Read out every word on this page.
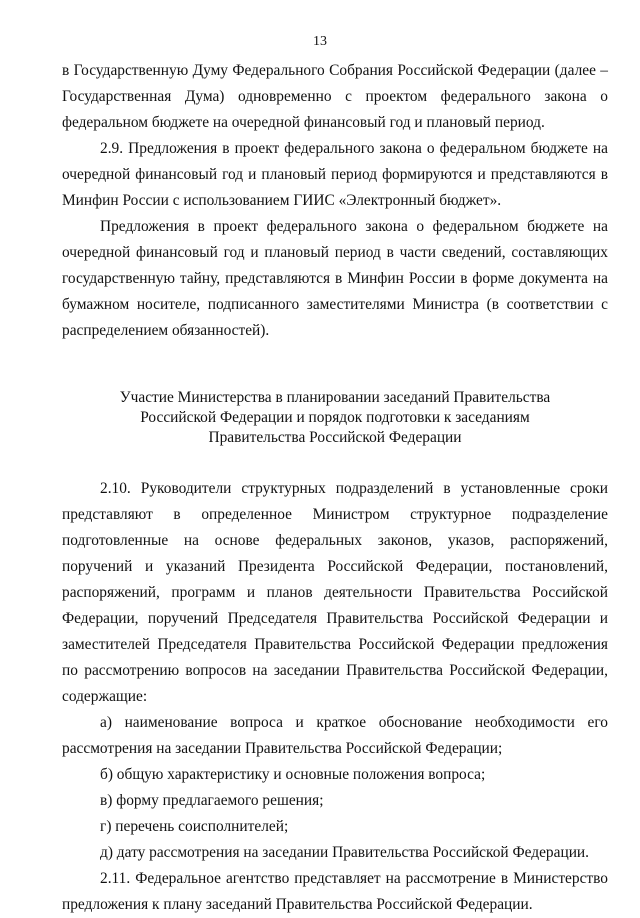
13

в Государственную Думу Федерального Собрания Российской Федерации (далее – Государственная Дума) одновременно с проектом федерального закона о федеральном бюджете на очередной финансовый год и плановый период.

2.9. Предложения в проект федерального закона о федеральном бюджете на очередной финансовый год и плановый период формируются и представляются в Минфин России с использованием ГИИС «Электронный бюджет».

Предложения в проект федерального закона о федеральном бюджете на очередной финансовый год и плановый период в части сведений, составляющих государственную тайну, представляются в Минфин России в форме документа на бумажном носителе, подписанного заместителями Министра (в соответствии с распределением обязанностей).

Участие Министерства в планировании заседаний Правительства
Российской Федерации и порядок подготовки к заседаниям
Правительства Российской Федерации

2.10. Руководители структурных подразделений в установленные сроки представляют в определенное Министром структурное подразделение подготовленные на основе федеральных законов, указов, распоряжений, поручений и указаний Президента Российской Федерации, постановлений, распоряжений, программ и планов деятельности Правительства Российской Федерации, поручений Председателя Правительства Российской Федерации и заместителей Председателя Правительства Российской Федерации предложения по рассмотрению вопросов на заседании Правительства Российской Федерации, содержащие:

а) наименование вопроса и краткое обоснование необходимости его рассмотрения на заседании Правительства Российской Федерации;

б) общую характеристику и основные положения вопроса;

в) форму предлагаемого решения;

г) перечень соисполнителей;

д) дату рассмотрения на заседании Правительства Российской Федерации.

2.11. Федеральное агентство представляет на рассмотрение в Министерство предложения к плану заседаний Правительства Российской Федерации.
